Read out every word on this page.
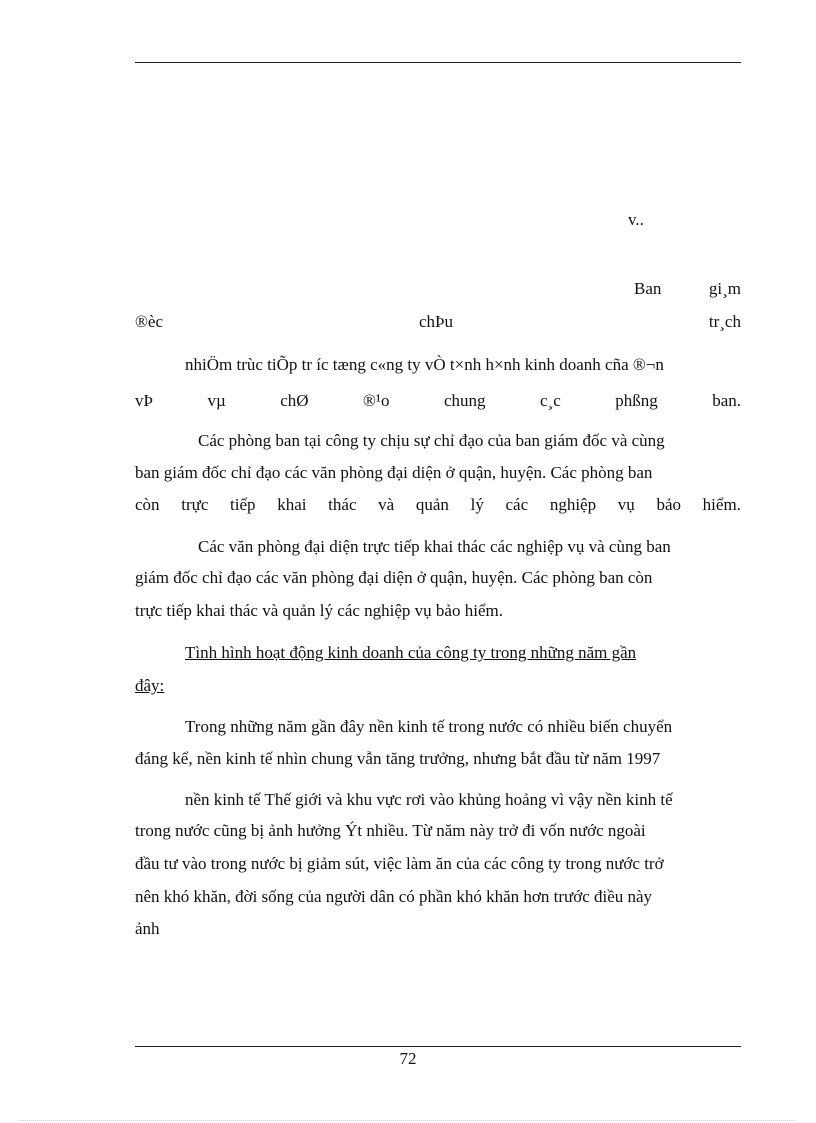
v..
Ban	gi¸m
®èc	chÞu	tr¸ch
nhiÖm trùc tiÕp tr íc tæng c«ng ty vÒ t×nh h×nh kinh doanh cña ®¬n
vÞ	vµ	chØ	®¹o	chung	c¸c	phßng	ban.
Các phòng ban tại công ty chịu sự chỉ đạo của ban giám đốc và cùng
ban giám đốc chỉ đạo các văn phòng đại diện ở quận, huyện. Các phòng ban
còn trực tiếp khai thác và quản lý các nghiệp vụ bảo hiểm.
Các văn phòng đại diện trực tiếp khai thác các nghiệp vụ và cùng ban
giám đốc chỉ đạo các văn phòng đại diện ở quận, huyện. Các phòng ban còn
trực tiếp khai thác và quản lý các nghiệp vụ bảo hiểm.
Tình hình hoạt động kinh doanh của công ty trong những năm gần
đây:
Trong những năm gần đây nền kinh tế trong nước có nhiều biến chuyển
đáng kể, nền kinh tế nhìn chung vẫn tăng trưởng, nhưng bắt đầu từ năm 1997
nền kinh tế Thế giới và khu vực rơi vào khủng hoảng vì vậy nền kinh tế
trong nước cũng bị ảnh hưởng Ýt nhiều. Từ năm này trở đi vốn nước ngoài
đầu tư vào trong nước bị giảm sút, việc làm ăn của các công ty trong nước trở
nên khó khăn, đời sống của người dân có phần khó khăn hơn trước điều này
ảnh
72
